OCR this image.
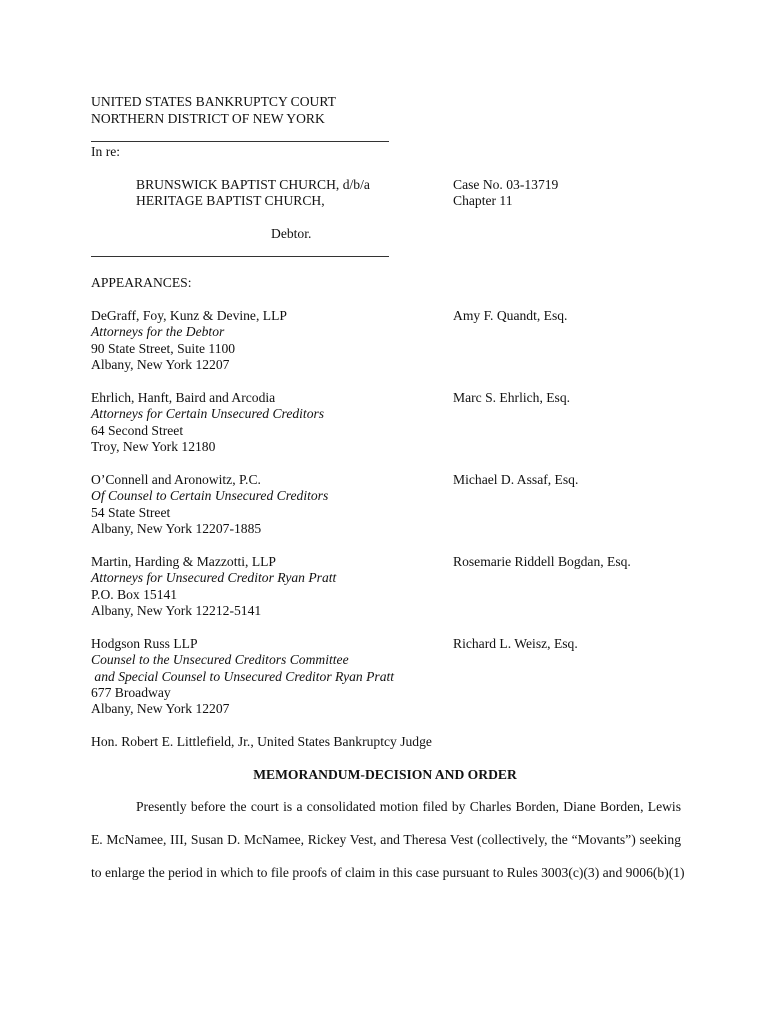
UNITED STATES BANKRUPTCY COURT
NORTHERN DISTRICT OF NEW YORK
In re:
BRUNSWICK BAPTIST CHURCH, d/b/a
HERITAGE BAPTIST CHURCH,
Case No. 03-13719
Chapter 11
Debtor.
APPEARANCES:
DeGraff, Foy, Kunz & Devine, LLP
Attorneys for the Debtor
90 State Street, Suite 1100
Albany, New York 12207
Amy F. Quandt, Esq.
Ehrlich, Hanft, Baird and Arcodia
Attorneys for Certain Unsecured Creditors
64 Second Street
Troy, New York 12180
Marc S. Ehrlich, Esq.
O’Connell and Aronowitz, P.C.
Of Counsel to Certain Unsecured Creditors
54 State Street
Albany, New York 12207-1885
Michael D. Assaf, Esq.
Martin, Harding & Mazzotti, LLP
Attorneys for Unsecured Creditor Ryan Pratt
P.O. Box 15141
Albany, New York 12212-5141
Rosemarie Riddell Bogdan, Esq.
Hodgson Russ LLP
Counsel to the Unsecured Creditors Committee
and Special Counsel to Unsecured Creditor Ryan Pratt
677 Broadway
Albany, New York 12207
Richard L. Weisz, Esq.
Hon. Robert E. Littlefield, Jr., United States Bankruptcy Judge
MEMORANDUM-DECISION AND ORDER
Presently before the court is a consolidated motion filed by Charles Borden, Diane Borden, Lewis
E. McNamee, III, Susan D. McNamee, Rickey Vest, and Theresa Vest (collectively, the “Movants”) seeking
to enlarge the period in which to file proofs of claim in this case pursuant to Rules 3003(c)(3) and 9006(b)(1)
